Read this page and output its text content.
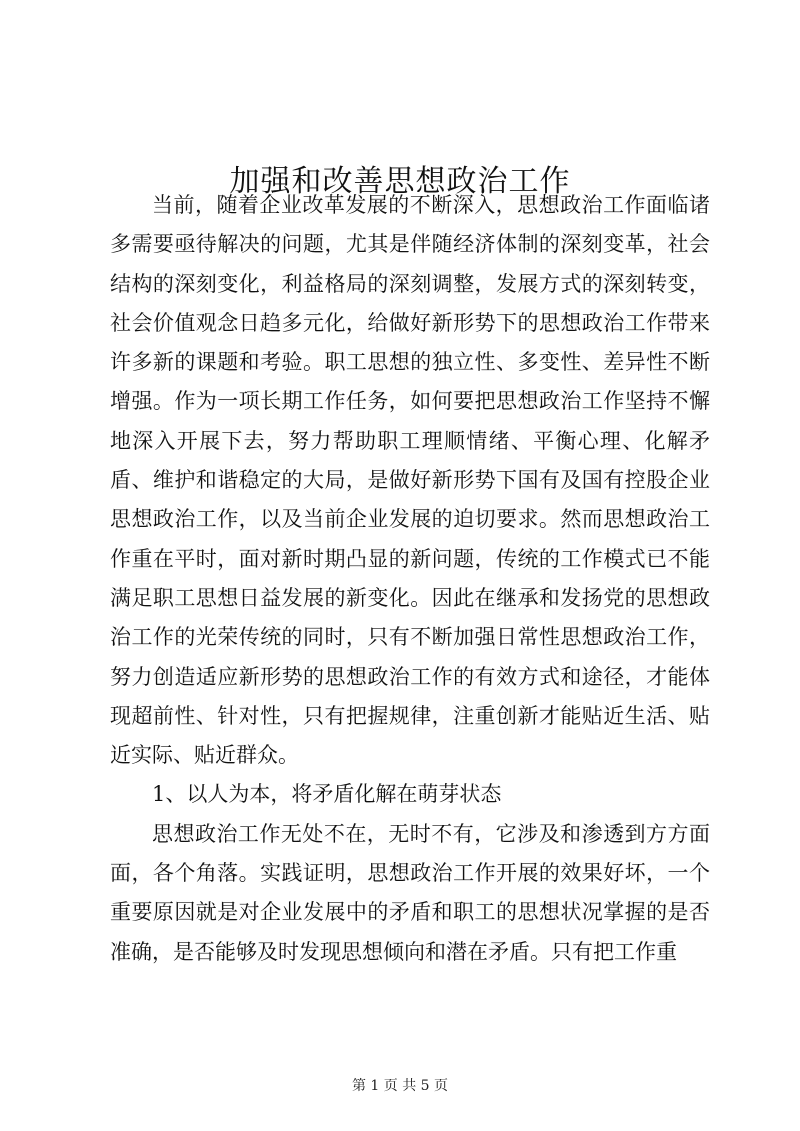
加强和改善思想政治工作

当前，随着企业改革发展的不断深入，思想政治工作面临诸多需要亟待解决的问题，尤其是伴随经济体制的深刻变革，社会结构的深刻变化，利益格局的深刻调整，发展方式的深刻转变，社会价值观念日趋多元化，给做好新形势下的思想政治工作带来许多新的课题和考验。职工思想的独立性、多变性、差异性不断增强。作为一项长期工作任务，如何要把思想政治工作坚持不懈地深入开展下去，努力帮助职工理顺情绪、平衡心理、化解矛盾、维护和谐稳定的大局，是做好新形势下国有及国有控股企业思想政治工作，以及当前企业发展的迫切要求。然而思想政治工作重在平时，面对新时期凸显的新问题，传统的工作模式已不能满足职工思想日益发展的新变化。因此在继承和发扬党的思想政治工作的光荣传统的同时，只有不断加强日常性思想政治工作，努力创造适应新形势的思想政治工作的有效方式和途径，才能体现超前性、针对性，只有把握规律，注重创新才能贴近生活、贴近实际、贴近群众。

1、以人为本，将矛盾化解在萌芽状态

思想政治工作无处不在，无时不有，它涉及和渗透到方方面面，各个角落。实践证明，思想政治工作开展的效果好坏，一个重要原因就是对企业发展中的矛盾和职工的思想状况掌握的是否准确，是否能够及时发现思想倾向和潜在矛盾。只有把工作重

第 1 页 共 5 页
